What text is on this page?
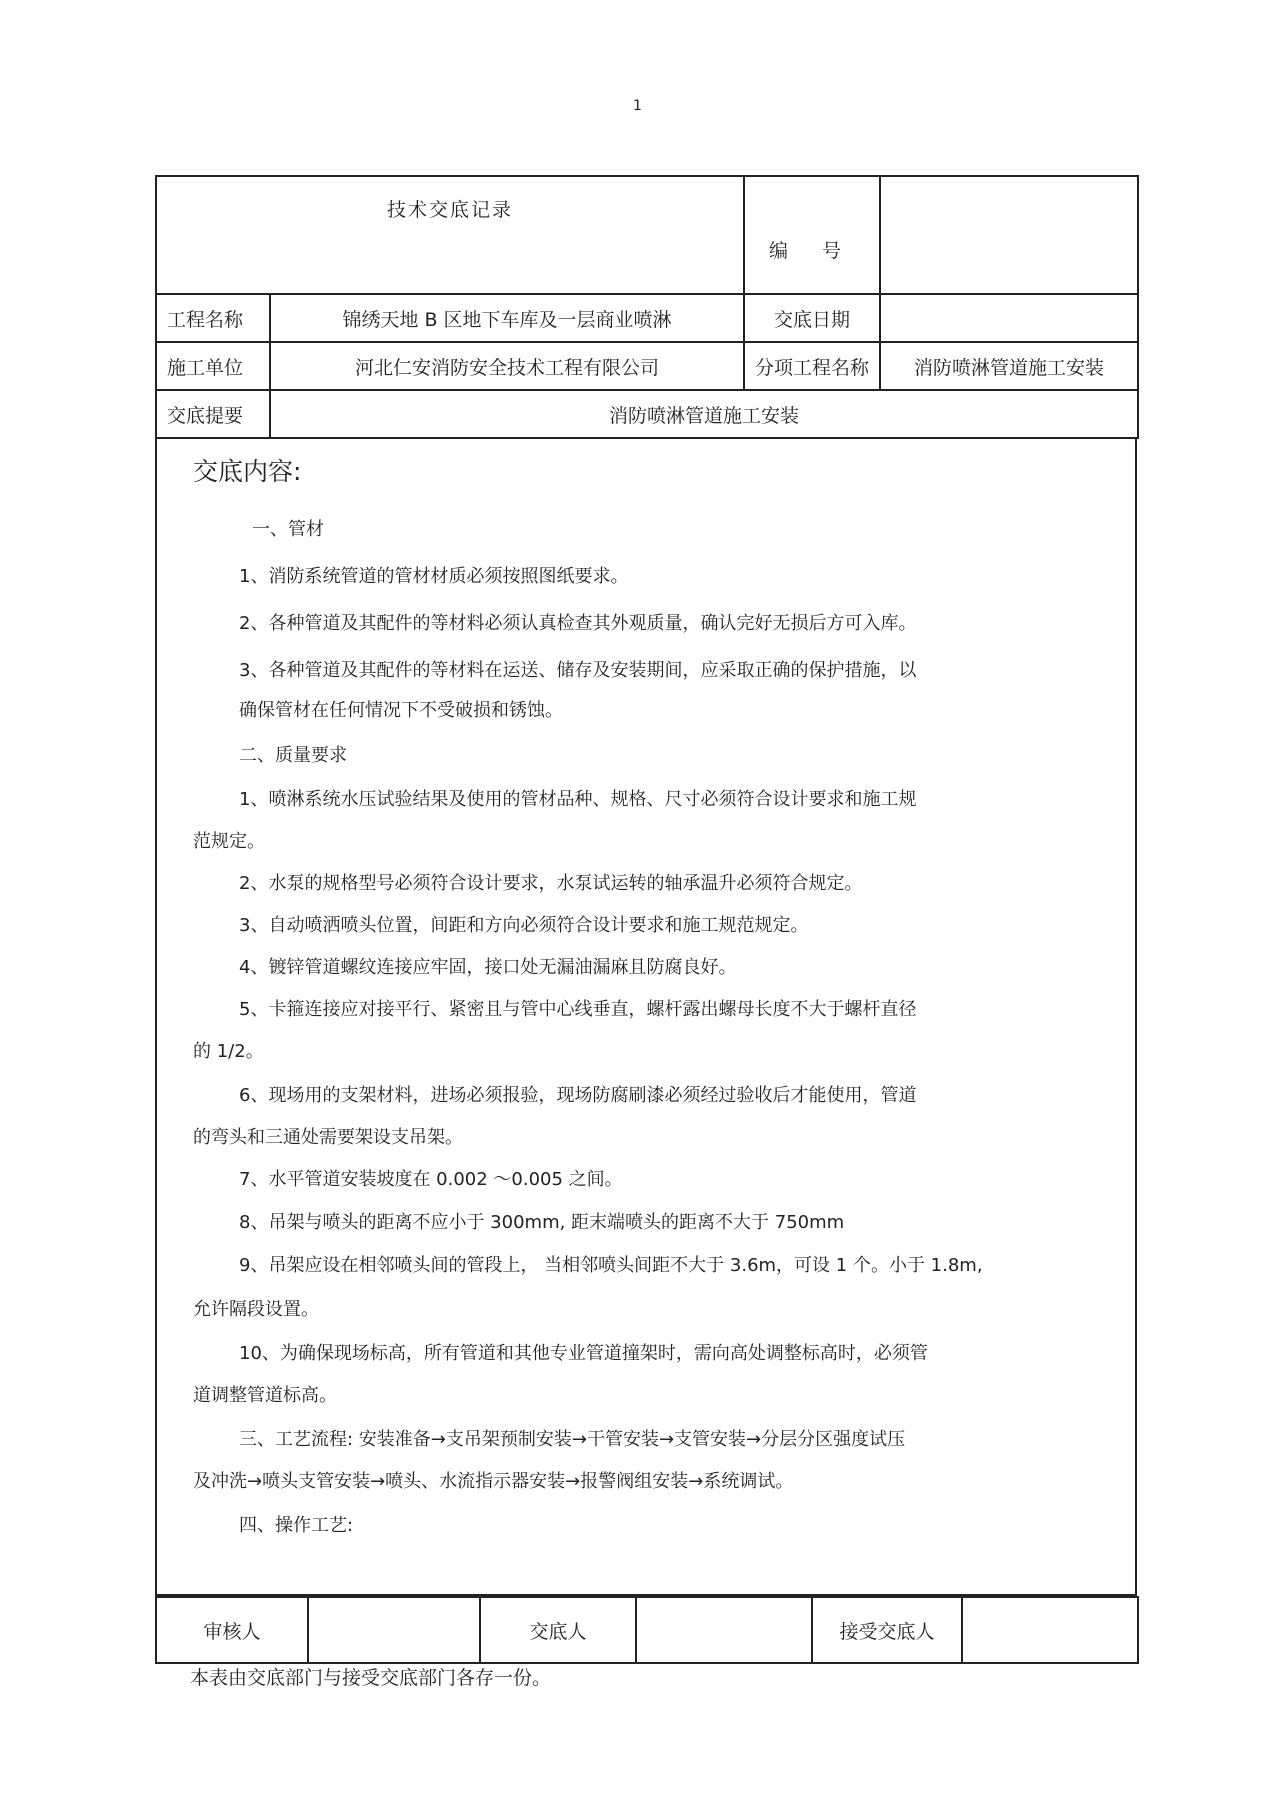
1
技术交底记录		编 号	
工程名称	锦绣天地 B 区地下车库及一层商业喷淋	交底日期	
施工单位	河北仁安消防安全技术工程有限公司	分项工程名称	消防喷淋管道施工安装
交底提要	消防喷淋管道施工安装		
交底内容:

一、管材

1、消防系统管道的管材材质必须按照图纸要求。

2、各种管道及其配件的等材料必须认真检查其外观质量，确认完好无损后方可入库。

3、各种管道及其配件的等材料在运送、储存及安装期间，应采取正确的保护措施，以

确保管材在任何情况下不受破损和锈蚀。

二、质量要求

1、喷淋系统水压试验结果及使用的管材品种、规格、尺寸必须符合设计要求和施工规

范规定。

2、水泵的规格型号必须符合设计要求，水泵试运转的轴承温升必须符合规定。

3、自动喷洒喷头位置，间距和方向必须符合设计要求和施工规范规定。

4、镀锌管道螺纹连接应牢固，接口处无漏油漏麻且防腐良好。

5、卡箍连接应对接平行、紧密且与管中心线垂直，螺杆露出螺母长度不大于螺杆直径

的 1/2。

6、现场用的支架材料，进场必须报验，现场防腐刷漆必须经过验收后才能使用，管道

的弯头和三通处需要架设支吊架。

7、水平管道安装坡度在 0.002 ～0.005 之间。

8、吊架与喷头的距离不应小于 300mm, 距末端喷头的距离不大于 750mm

9、吊架应设在相邻喷头间的管段上， 当相邻喷头间距不大于 3.6m，可设 1 个。小于 1.8m,

允许隔段设置。

10、为确保现场标高，所有管道和其他专业管道撞架时，需向高处调整标高时，必须管

道调整管道标高。

三、工艺流程: 安装准备→支吊架预制安装→干管安装→支管安装→分层分区强度试压

及冲洗→喷头支管安装→喷头、水流指示器安装→报警阀组安装→系统调试。

四、操作工艺:

审核人		交底人		接受交底人	
本表由交底部门与接受交底部门各存一份。
